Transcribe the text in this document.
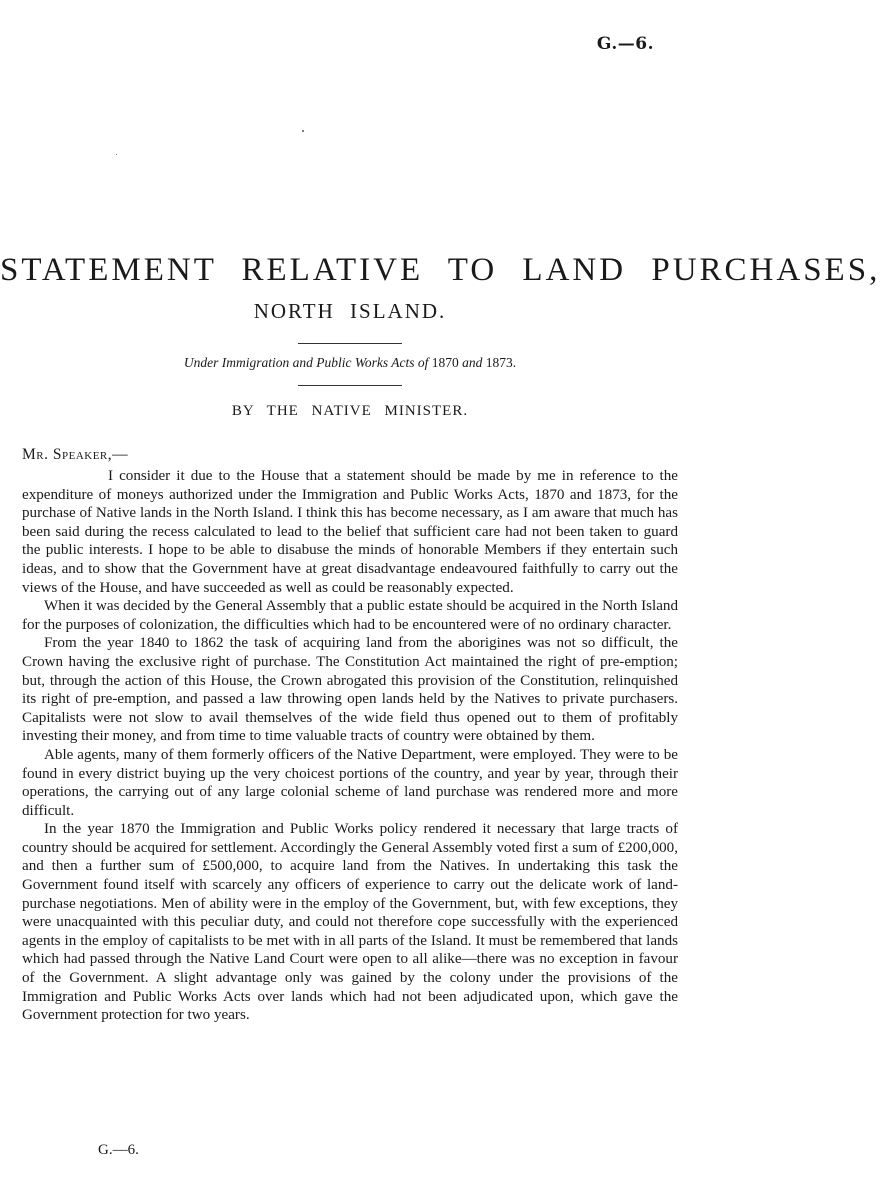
G.—6.
STATEMENT RELATIVE TO LAND PURCHASES,
NORTH ISLAND.
Under Immigration and Public Works Acts of 1870 and 1873.
BY THE NATIVE MINISTER.
Mr. Speaker,—

I consider it due to the House that a statement should be made by me in reference to the expenditure of moneys authorized under the Immigration and Public Works Acts, 1870 and 1873, for the purchase of Native lands in the North Island. I think this has become necessary, as I am aware that much has been said during the recess calculated to lead to the belief that sufficient care had not been taken to guard the public interests. I hope to be able to disabuse the minds of honorable Members if they entertain such ideas, and to show that the Government have at great disadvantage endeavoured faithfully to carry out the views of the House, and have succeeded as well as could be reasonably expected.

When it was decided by the General Assembly that a public estate should be acquired in the North Island for the purposes of colonization, the difficulties which had to be encountered were of no ordinary character.

From the year 1840 to 1862 the task of acquiring land from the aborigines was not so difficult, the Crown having the exclusive right of purchase. The Constitution Act maintained the right of pre-emption; but, through the action of this House, the Crown abrogated this provision of the Constitution, relinquished its right of pre-emption, and passed a law throwing open lands held by the Natives to private purchasers. Capitalists were not slow to avail themselves of the wide field thus opened out to them of profitably investing their money, and from time to time valuable tracts of country were obtained by them.

Able agents, many of them formerly officers of the Native Department, were employed. They were to be found in every district buying up the very choicest portions of the country, and year by year, through their operations, the carrying out of any large colonial scheme of land purchase was rendered more and more difficult.

In the year 1870 the Immigration and Public Works policy rendered it necessary that large tracts of country should be acquired for settlement. Accordingly the General Assembly voted first a sum of £200,000, and then a further sum of £500,000, to acquire land from the Natives. In undertaking this task the Government found itself with scarcely any officers of experience to carry out the delicate work of land-purchase negotiations. Men of ability were in the employ of the Government, but, with few exceptions, they were unacquainted with this peculiar duty, and could not therefore cope successfully with the experienced agents in the employ of capitalists to be met with in all parts of the Island. It must be remembered that lands which had passed through the Native Land Court were open to all alike—there was no exception in favour of the Government. A slight advantage only was gained by the colony under the provisions of the Immigration and Public Works Acts over lands which had not been adjudicated upon, which gave the Government protection for two years.

G.—6.
